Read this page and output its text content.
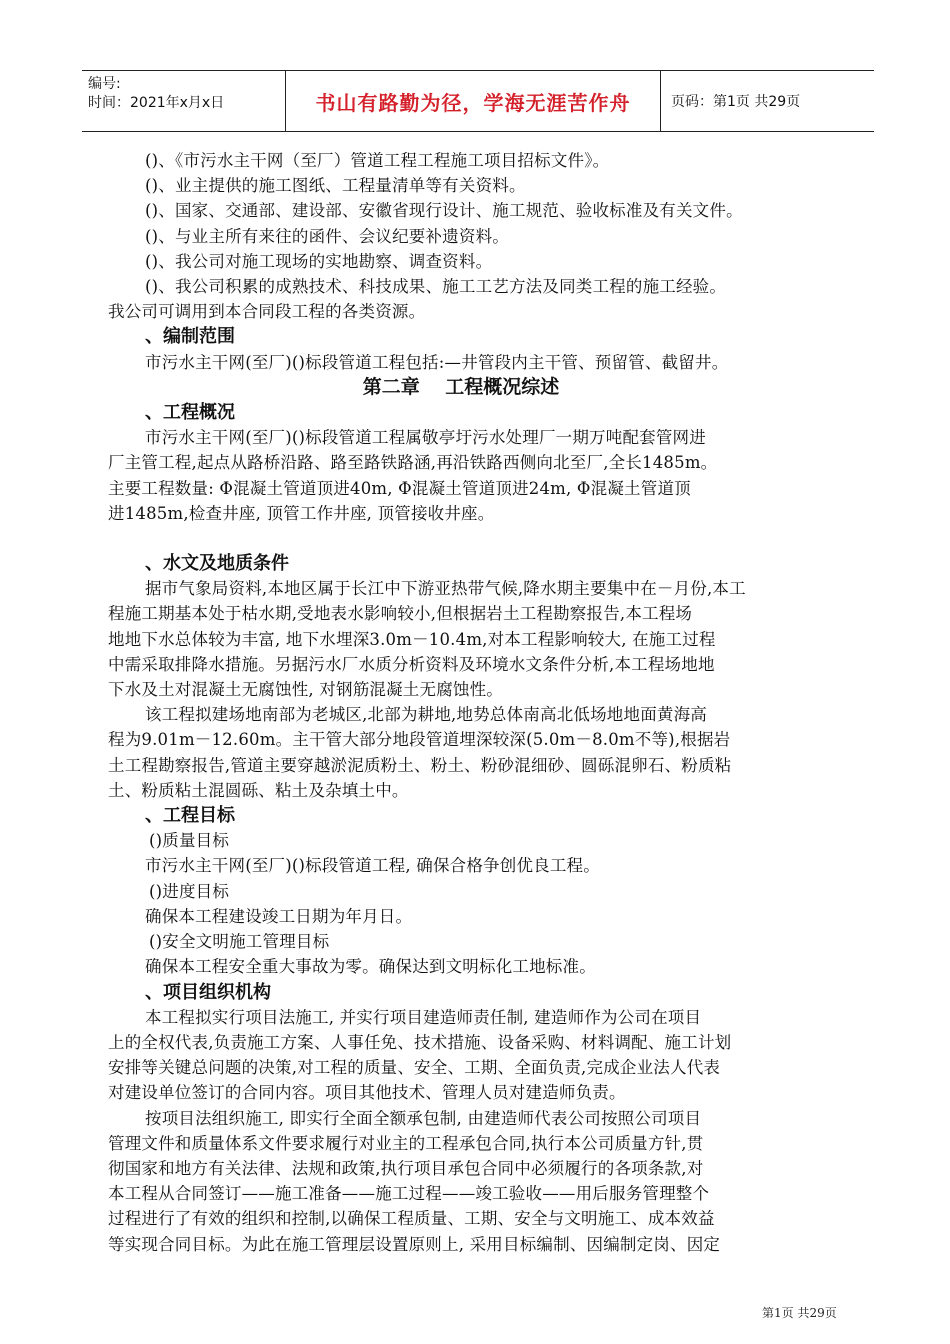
编号:
时间：2021年x月x日	书山有路勤为径，学海无涯苦作舟	页码：第1页 共29页
()、《市污水主干网（至厂）管道工程工程施工项目招标文件》。
()、业主提供的施工图纸、工程量清单等有关资料。
()、国家、交通部、建设部、安徽省现行设计、施工规范、验收标准及有关文件。
()、与业主所有来往的函件、会议纪要补遗资料。
()、我公司对施工现场的实地勘察、调查资料。
()、我公司积累的成熟技术、科技成果、施工工艺方法及同类工程的施工经验。
我公司可调用到本合同段工程的各类资源。
、编制范围
市污水主干网(至厂)()标段管道工程包括:—井管段内主干管、预留管、截留井。
第二章　 工程概况综述
、工程概况
市污水主干网(至厂)()标段管道工程属敬亭圩污水处理厂一期万吨配套管网进
厂主管工程,起点从路桥沿路、路至路铁路涵,再沿铁路西侧向北至厂,全长1485m。
主要工程数量: Φ混凝土管道顶进40m, Φ混凝土管道顶进24m, Φ混凝土管道顶
进1485m,检查井座, 顶管工作井座, 顶管接收井座。
、水文及地质条件
据市气象局资料,本地区属于长江中下游亚热带气候,降水期主要集中在－月份,本工
程施工期基本处于枯水期,受地表水影响较小,但根据岩土工程勘察报告,本工程场
地地下水总体较为丰富, 地下水埋深3.0m－10.4m,对本工程影响较大, 在施工过程
中需采取排降水措施。另据污水厂水质分析资料及环境水文条件分析,本工程场地地
下水及土对混凝土无腐蚀性, 对钢筋混凝土无腐蚀性。
该工程拟建场地南部为老城区,北部为耕地,地势总体南高北低场地地面黄海高
程为9.01m－12.60m。主干管大部分地段管道埋深较深(5.0m－8.0m不等),根据岩
土工程勘察报告,管道主要穿越淤泥质粉土、粉土、粉砂混细砂、圆砾混卵石、粉质粘
土、粉质粘土混圆砾、粘土及杂填土中。
、工程目标
()质量目标
市污水主干网(至厂)()标段管道工程, 确保合格争创优良工程。
()进度目标
确保本工程建设竣工日期为年月日。
()安全文明施工管理目标
确保本工程安全重大事故为零。确保达到文明标化工地标准。
、项目组织机构
本工程拟实行项目法施工, 并实行项目建造师责任制, 建造师作为公司在项目
上的全权代表,负责施工方案、人事任免、技术措施、设备采购、材料调配、施工计划
安排等关键总问题的决策,对工程的质量、安全、工期、全面负责,完成企业法人代表
对建设单位签订的合同内容。项目其他技术、管理人员对建造师负责。
按项目法组织施工, 即实行全面全额承包制, 由建造师代表公司按照公司项目
管理文件和质量体系文件要求履行对业主的工程承包合同,执行本公司质量方针,贯
彻国家和地方有关法律、法规和政策,执行项目承包合同中必须履行的各项条款,对
本工程从合同签订——施工准备——施工过程——竣工验收——用后服务管理整个
过程进行了有效的组织和控制,以确保工程质量、工期、安全与文明施工、成本效益
等实现合同目标。为此在施工管理层设置原则上, 采用目标编制、因编制定岗、因定
第1页 共29页
